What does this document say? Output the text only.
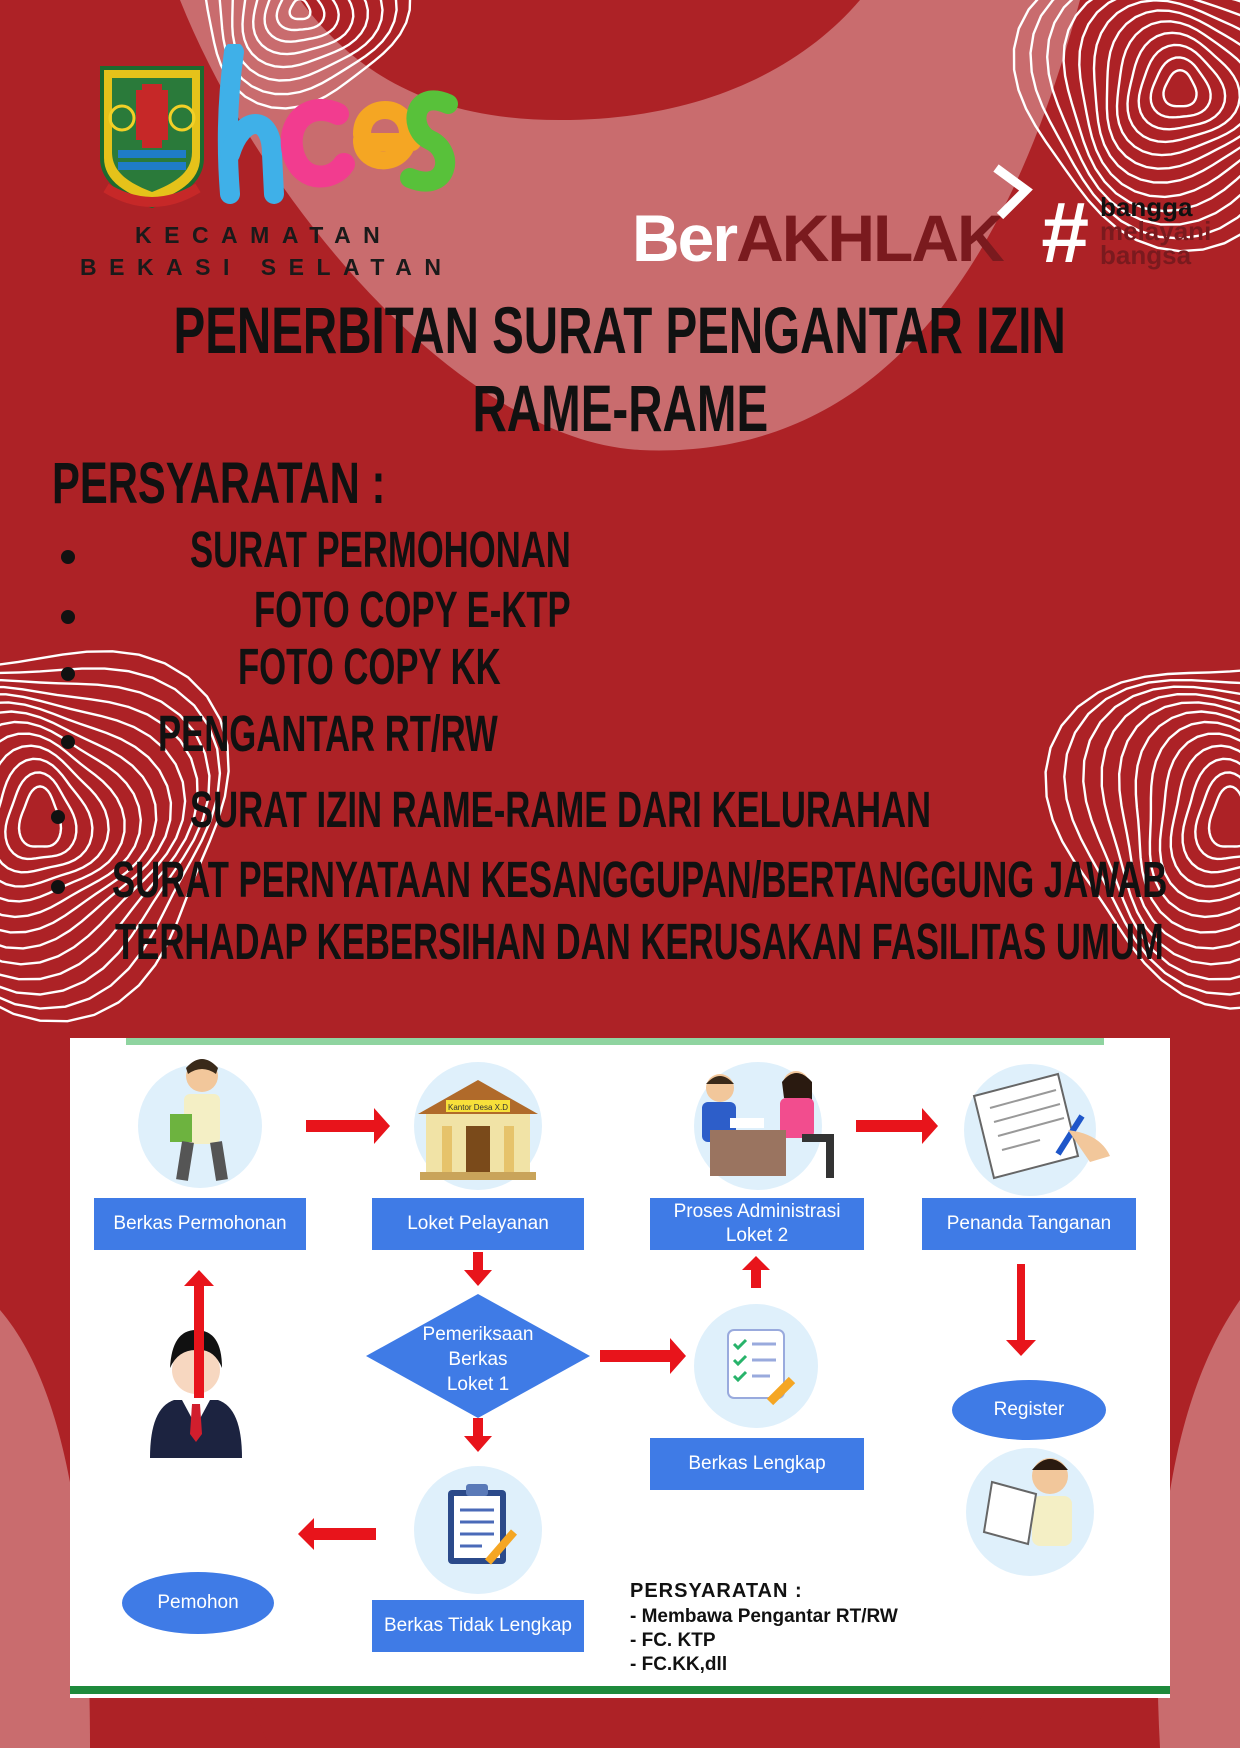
KECAMATAN
BEKASI SELATAN	BerAKHLAK # bangga
melayani
bangsa
PENERBITAN SURAT PENGANTAR IZIN
RAME-RAME
PERSYARATAN :
SURAT PERMOHONAN
FOTO COPY E-KTP
FOTO COPY KK
PENGANTAR RT/RW
SURAT IZIN RAME-RAME DARI KELURAHAN
SURAT PERNYATAAN KESANGGUPAN/BERTANGGUNG JAWAB
TERHADAP KEBERSIHAN DAN KERUSAKAN FASILITAS UMUM
Kantor Desa X.D
Berkas Permohonan	Loket Pelayanan
Proses Administrasi
Loket 2
Penanda Tanganan
Pemeriksaan
Berkas
Loket 1
Berkas Lengkap
Register
Pemohon
Berkas Tidak Lengkap
PERSYARATAN :
- Membawa Pengantar RT/RW
- FC. KTP
- FC.KK,dll
